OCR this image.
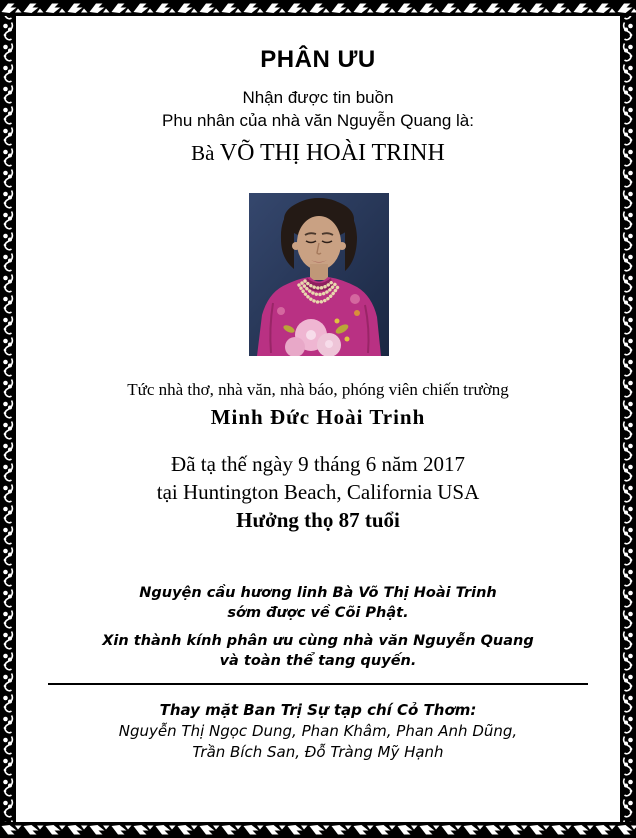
PHÂN ƯU
Nhận được tin buồn
Phu nhân của nhà văn Nguyễn Quang là:
Bà VÕ THỊ HOÀI TRINH
Tức nhà thơ, nhà văn, nhà báo, phóng viên chiến trường
Minh Đức Hoài Trinh
Đã tạ thế ngày 9 tháng 6 năm 2017
tại Huntington Beach, California USA
Hưởng thọ 87 tuổi
Nguyện cầu hương linh Bà Võ Thị Hoài Trinh
sớm được về Cõi Phật.
Xin thành kính phân ưu cùng nhà văn Nguyễn Quang
và toàn thể tang quyến.
Thay mặt Ban Trị Sự tạp chí Cỏ Thơm:
Nguyễn Thị Ngọc Dung, Phan Khâm, Phan Anh Dũng,
Trần Bích San, Đỗ Tràng Mỹ Hạnh
